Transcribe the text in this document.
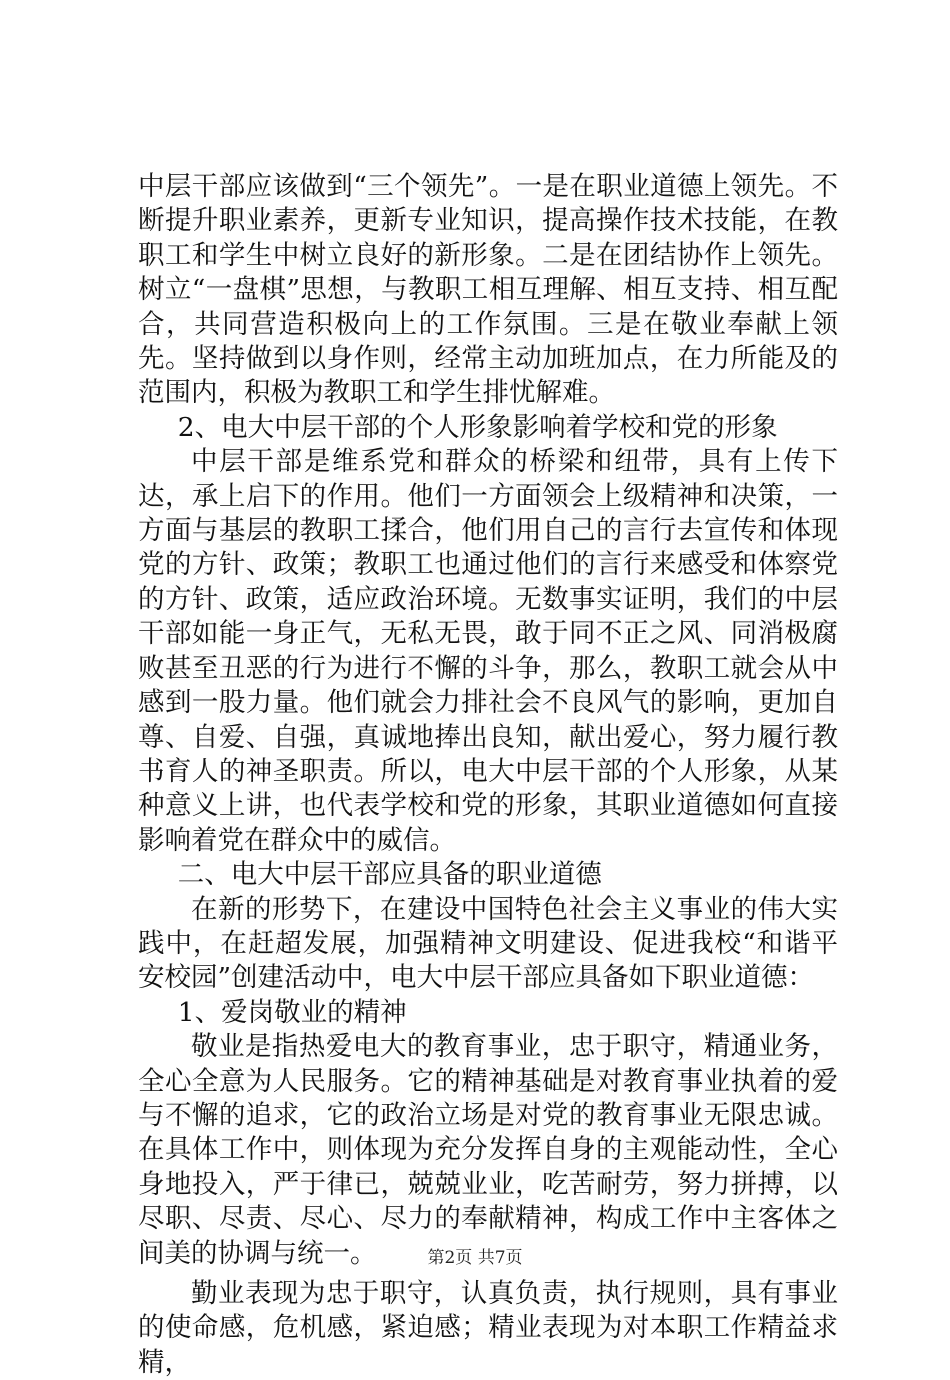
中层干部应该做到“三个领先”。一是在职业道德上领先。不断提升职业素养，更新专业知识，提高操作技术技能，在教职工和学生中树立良好的新形象。二是在团结协作上领先。树立“一盘棋”思想，与教职工相互理解、相互支持、相互配合，共同营造积极向上的工作氛围。三是在敬业奉献上领先。坚持做到以身作则，经常主动加班加点，在力所能及的范围内，积极为教职工和学生排忧解难。

2、电大中层干部的个人形象影响着学校和党的形象

中层干部是维系党和群众的桥梁和纽带，具有上传下达，承上启下的作用。他们一方面领会上级精神和决策，一方面与基层的教职工揉合，他们用自己的言行去宣传和体现党的方针、政策；教职工也通过他们的言行来感受和体察党的方针、政策，适应政治环境。无数事实证明，我们的中层干部如能一身正气，无私无畏，敢于同不正之风、同消极腐败甚至丑恶的行为进行不懈的斗争，那么，教职工就会从中感到一股力量。他们就会力排社会不良风气的影响，更加自尊、自爱、自强，真诚地捧出良知，献出爱心，努力履行教书育人的神圣职责。所以，电大中层干部的个人形象，从某种意义上讲，也代表学校和党的形象，其职业道德如何直接影响着党在群众中的威信。

二、电大中层干部应具备的职业道德

在新的形势下，在建设中国特色社会主义事业的伟大实践中，在赶超发展，加强精神文明建设、促进我校“和谐平安校园”创建活动中，电大中层干部应具备如下职业道德：

1、爱岗敬业的精神

敬业是指热爱电大的教育事业，忠于职守，精通业务，全心全意为人民服务。它的精神基础是对教育事业执着的爱与不懈的追求，它的政治立场是对党的教育事业无限忠诚。在具体工作中，则体现为充分发挥自身的主观能动性，全心身地投入，严于律已，兢兢业业，吃苦耐劳，努力拼搏，以尽职、尽责、尽心、尽力的奉献精神，构成工作中主客体之间美的协调与统一。

勤业表现为忠于职守，认真负责，执行规则，具有事业的使命感，危机感，紧迫感；精业表现为对本职工作精益求精，

第2页 共7页
